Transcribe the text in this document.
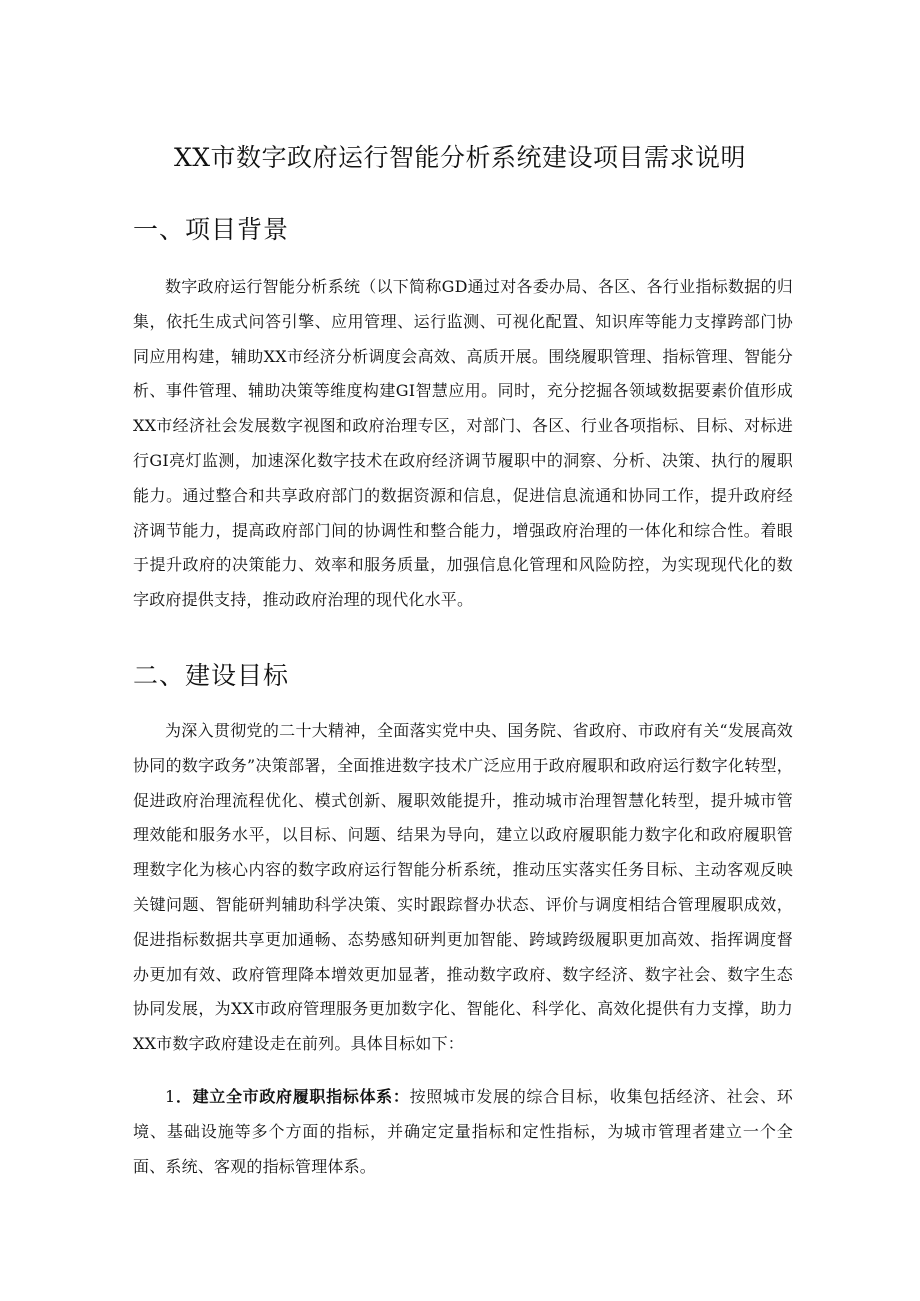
XX市数字政府运行智能分析系统建设项目需求说明
一、项目背景

数字政府运行智能分析系统（以下简称GD通过对各委办局、各区、各行业指标数据的归集，依托生成式问答引擎、应用管理、运行监测、可视化配置、知识库等能力支撑跨部门协同应用构建，辅助XX市经济分析调度会高效、高质开展。围绕履职管理、指标管理、智能分析、事件管理、辅助决策等维度构建GI智慧应用。同时，充分挖掘各领域数据要素价值形成XX市经济社会发展数字视图和政府治理专区，对部门、各区、行业各项指标、目标、对标进行GI亮灯监测，加速深化数字技术在政府经济调节履职中的洞察、分析、决策、执行的履职能力。通过整合和共享政府部门的数据资源和信息，促进信息流通和协同工作，提升政府经济调节能力，提高政府部门间的协调性和整合能力，增强政府治理的一体化和综合性。着眼于提升政府的决策能力、效率和服务质量，加强信息化管理和风险防控，为实现现代化的数字政府提供支持，推动政府治理的现代化水平。

二、建设目标

为深入贯彻党的二十大精神，全面落实党中央、国务院、省政府、市政府有关“发展高效协同的数字政务”决策部署，全面推进数字技术广泛应用于政府履职和政府运行数字化转型，促进政府治理流程优化、模式创新、履职效能提升，推动城市治理智慧化转型，提升城市管理效能和服务水平，以目标、问题、结果为导向，建立以政府履职能力数字化和政府履职管理数字化为核心内容的数字政府运行智能分析系统，推动压实落实任务目标、主动客观反映关键问题、智能研判辅助科学决策、实时跟踪督办状态、评价与调度相结合管理履职成效，促进指标数据共享更加通畅、态势感知研判更加智能、跨域跨级履职更加高效、指挥调度督办更加有效、政府管理降本增效更加显著，推动数字政府、数字经济、数字社会、数字生态协同发展，为XX市政府管理服务更加数字化、智能化、科学化、高效化提供有力支撑，助力XX市数字政府建设走在前列。具体目标如下：

1．建立全市政府履职指标体系：按照城市发展的综合目标，收集包括经济、社会、环境、基础设施等多个方面的指标，并确定定量指标和定性指标，为城市管理者建立一个全面、系统、客观的指标管理体系。
